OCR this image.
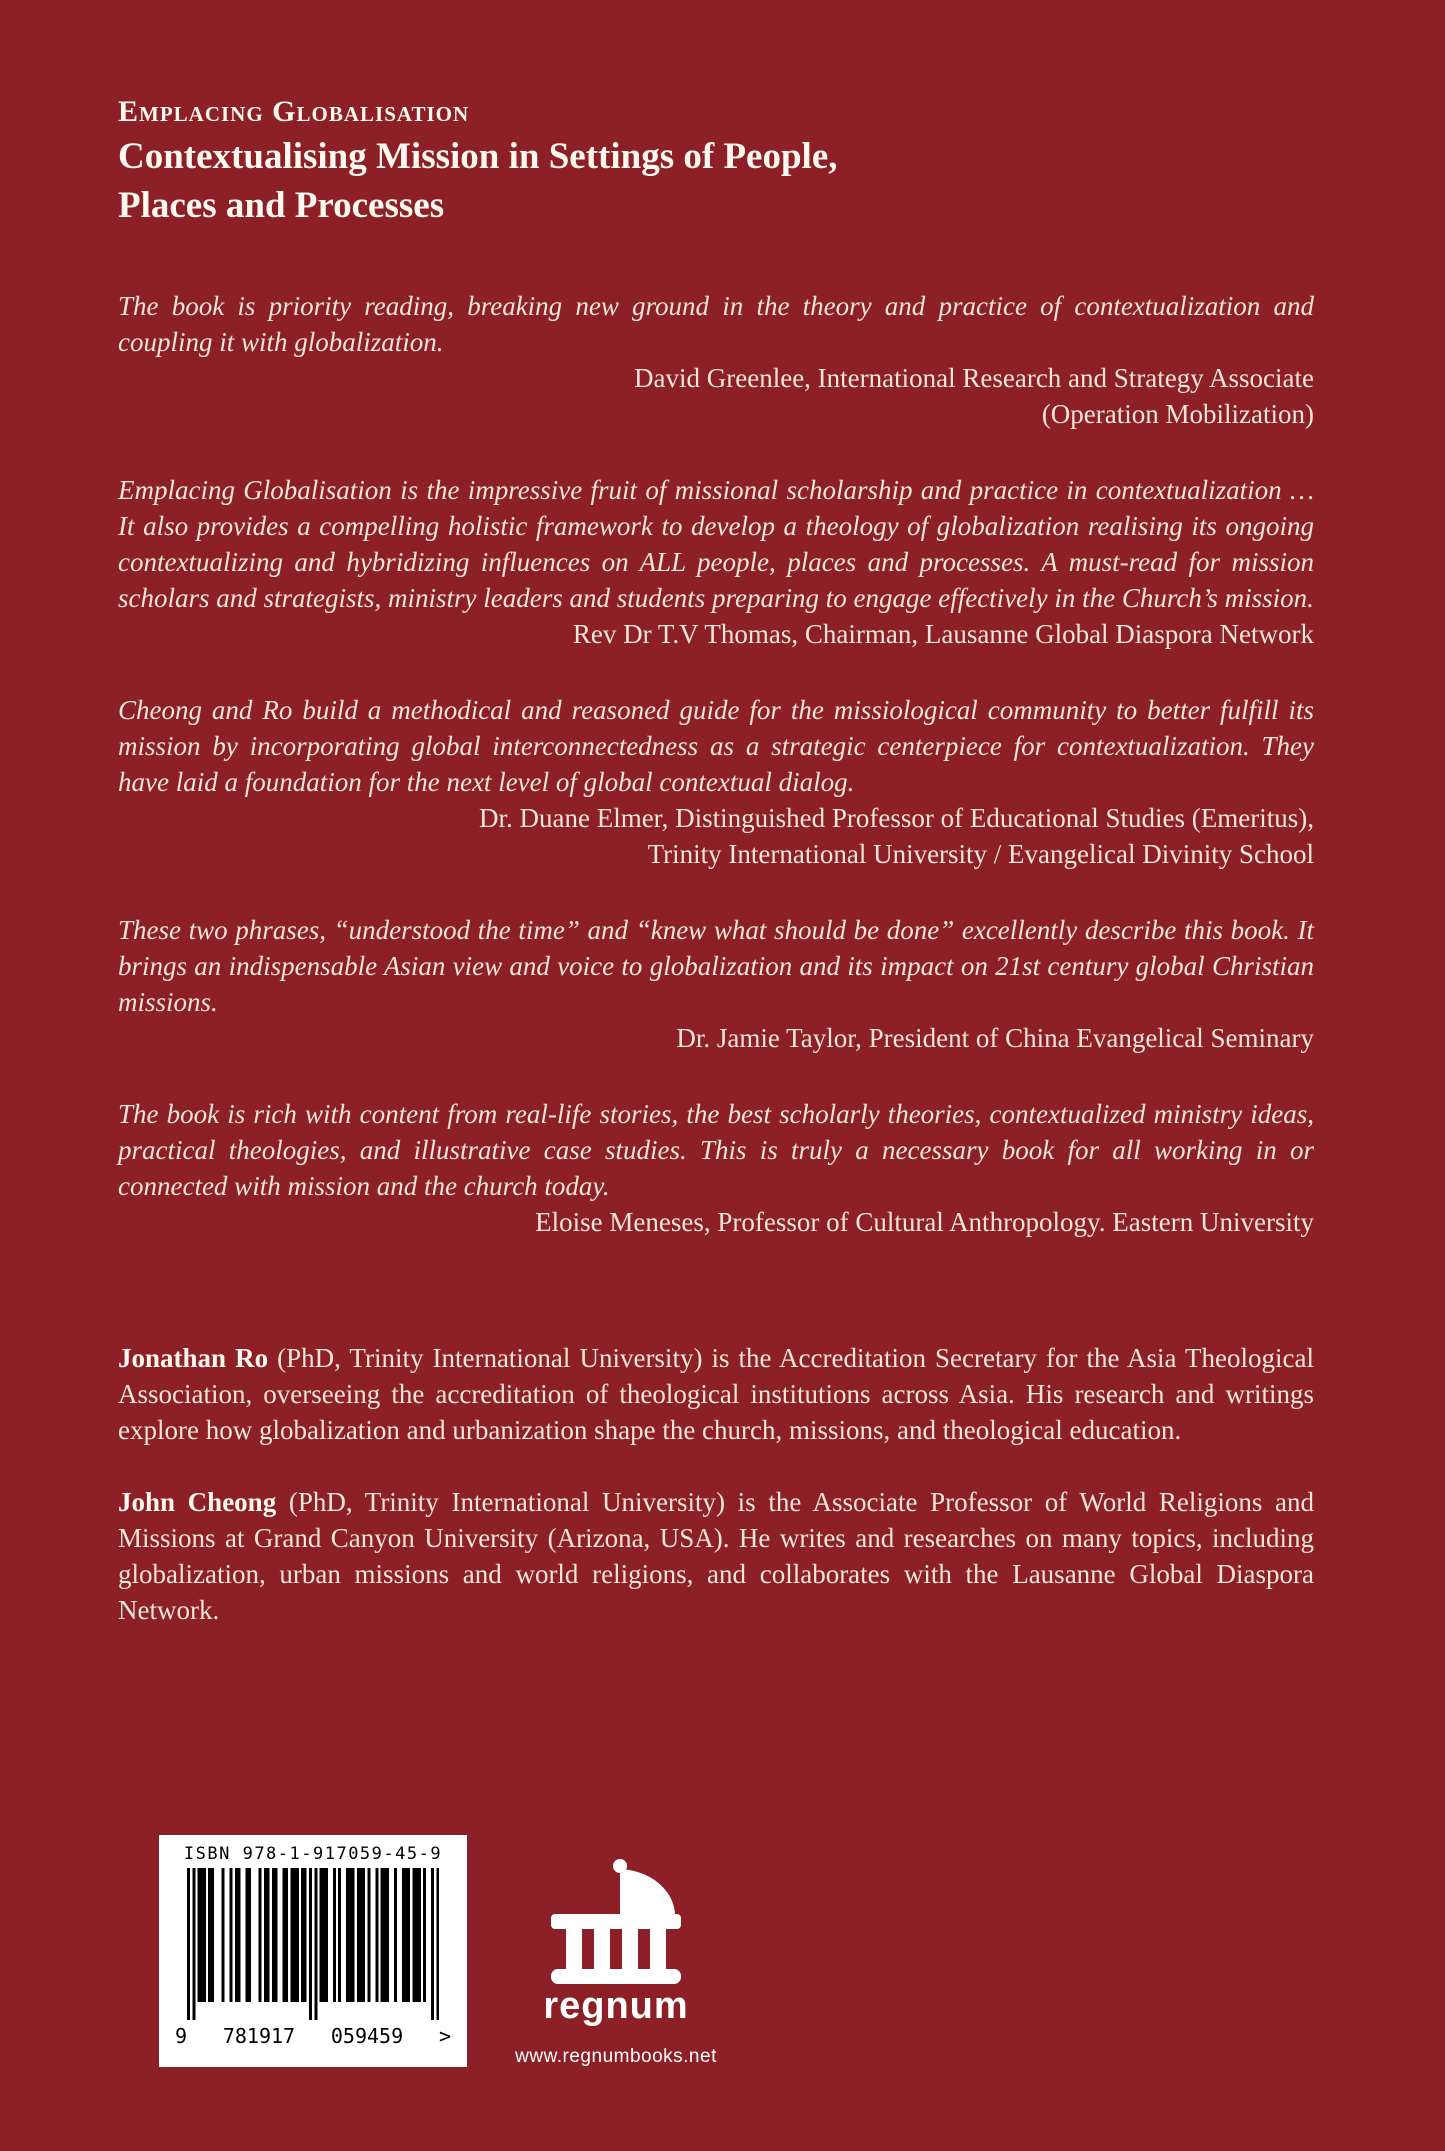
Emplacing Globalisation
Contextualising Mission in Settings of People,
Places and Processes
The book is priority reading, breaking new ground in the theory and practice of contextualization and coupling it with globalization.
David Greenlee, International Research and Strategy Associate
(Operation Mobilization)
Emplacing Globalisation is the impressive fruit of missional scholarship and practice in contextualization … It also provides a compelling holistic framework to develop a theology of globalization realising its ongoing contextualizing and hybridizing influences on ALL people, places and processes. A must-read for mission scholars and strategists, ministry leaders and students preparing to engage effectively in the Church’s mission.
Rev Dr T.V Thomas, Chairman, Lausanne Global Diaspora Network
Cheong and Ro build a methodical and reasoned guide for the missiological community to better fulfill its mission by incorporating global interconnectedness as a strategic centerpiece for contextualization. They have laid a foundation for the next level of global contextual dialog.
Dr. Duane Elmer, Distinguished Professor of Educational Studies (Emeritus),
Trinity International University / Evangelical Divinity School
These two phrases, “understood the time” and “knew what should be done” excellently describe this book. It brings an indispensable Asian view and voice to globalization and its impact on 21st century global Christian missions.
Dr. Jamie Taylor, President of China Evangelical Seminary
The book is rich with content from real-life stories, the best scholarly theories, contextualized ministry ideas, practical theologies, and illustrative case studies. This is truly a necessary book for all working in or connected with mission and the church today.
Eloise Meneses, Professor of Cultural Anthropology. Eastern University
Jonathan Ro (PhD, Trinity International University) is the Accreditation Secretary for the Asia Theological Association, overseeing the accreditation of theological institutions across Asia. His research and writings explore how globalization and urbanization shape the church, missions, and theological education.
John Cheong (PhD, Trinity International University) is the Associate Professor of World Religions and Missions at Grand Canyon University (Arizona, USA). He writes and researches on many topics, including globalization, urban missions and world religions, and collaborates with the Lausanne Global Diaspora Network.
ISBN 978-1-917059-45-9
9 781917 059459 >
regnum
www.regnumbooks.net
